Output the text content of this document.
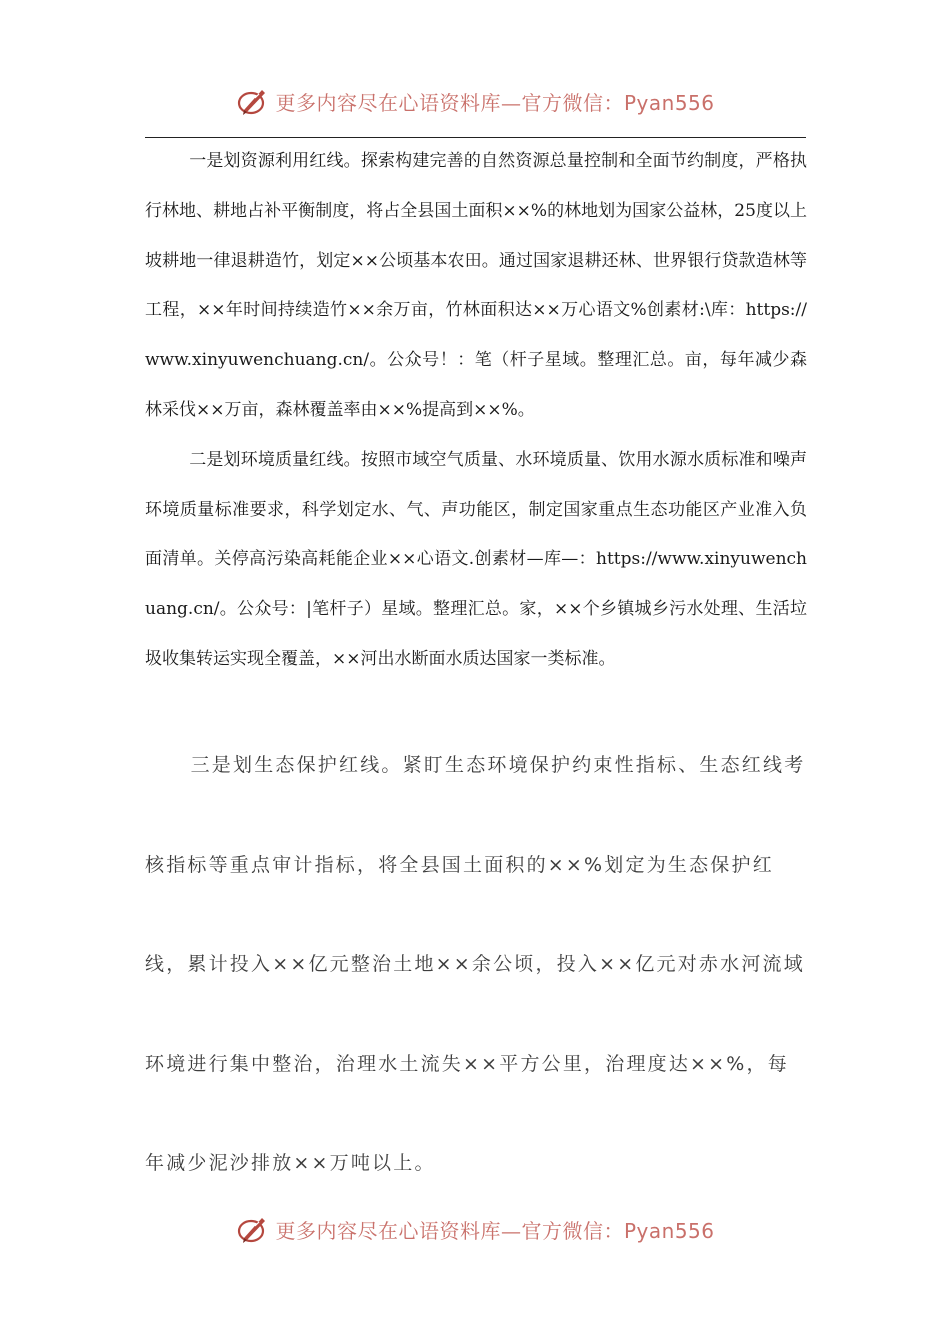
更多内容尽在心语资料库—官方微信：Pyan556

一是划资源利用红线。探索构建完善的自然资源总量控制和全面节约制度，严格执行林地、耕地占补平衡制度，将占全县国土面积××%的林地划为国家公益林，25度以上坡耕地一律退耕造竹，划定××公顷基本农田。通过国家退耕还林、世界银行贷款造林等工程，××年时间持续造竹××余万亩，竹林面积达××万心语文%创素材:\库：https://www.xinyuwenchuang.cn/。公众号！：笔（杆子星域。整理汇总。亩，每年减少森林采伐××万亩，森林覆盖率由××%提高到××%。

二是划环境质量红线。按照市域空气质量、水环境质量、饮用水源水质标准和噪声环境质量标准要求，科学划定水、气、声功能区，制定国家重点生态功能区产业准入负面清单。关停高污染高耗能企业××心语文.创素材—库—：https://www.xinyuwenchuang.cn/。公众号：|笔杆子）星域。整理汇总。家，××个乡镇城乡污水处理、生活垃圾收集转运实现全覆盖，××河出水断面水质达国家一类标准。

三是划生态保护红线。紧盯生态环境保护约束性指标、生态红线考核指标等重点审计指标，将全县国土面积的××%划定为生态保护红线，累计投入××亿元整治土地××余公顷，投入××亿元对赤水河流域环境进行集中整治，治理水土流失××平方公里，治理度达××%，每年减少泥沙排放××万吨以上。

更多内容尽在心语资料库—官方微信：Pyan556
